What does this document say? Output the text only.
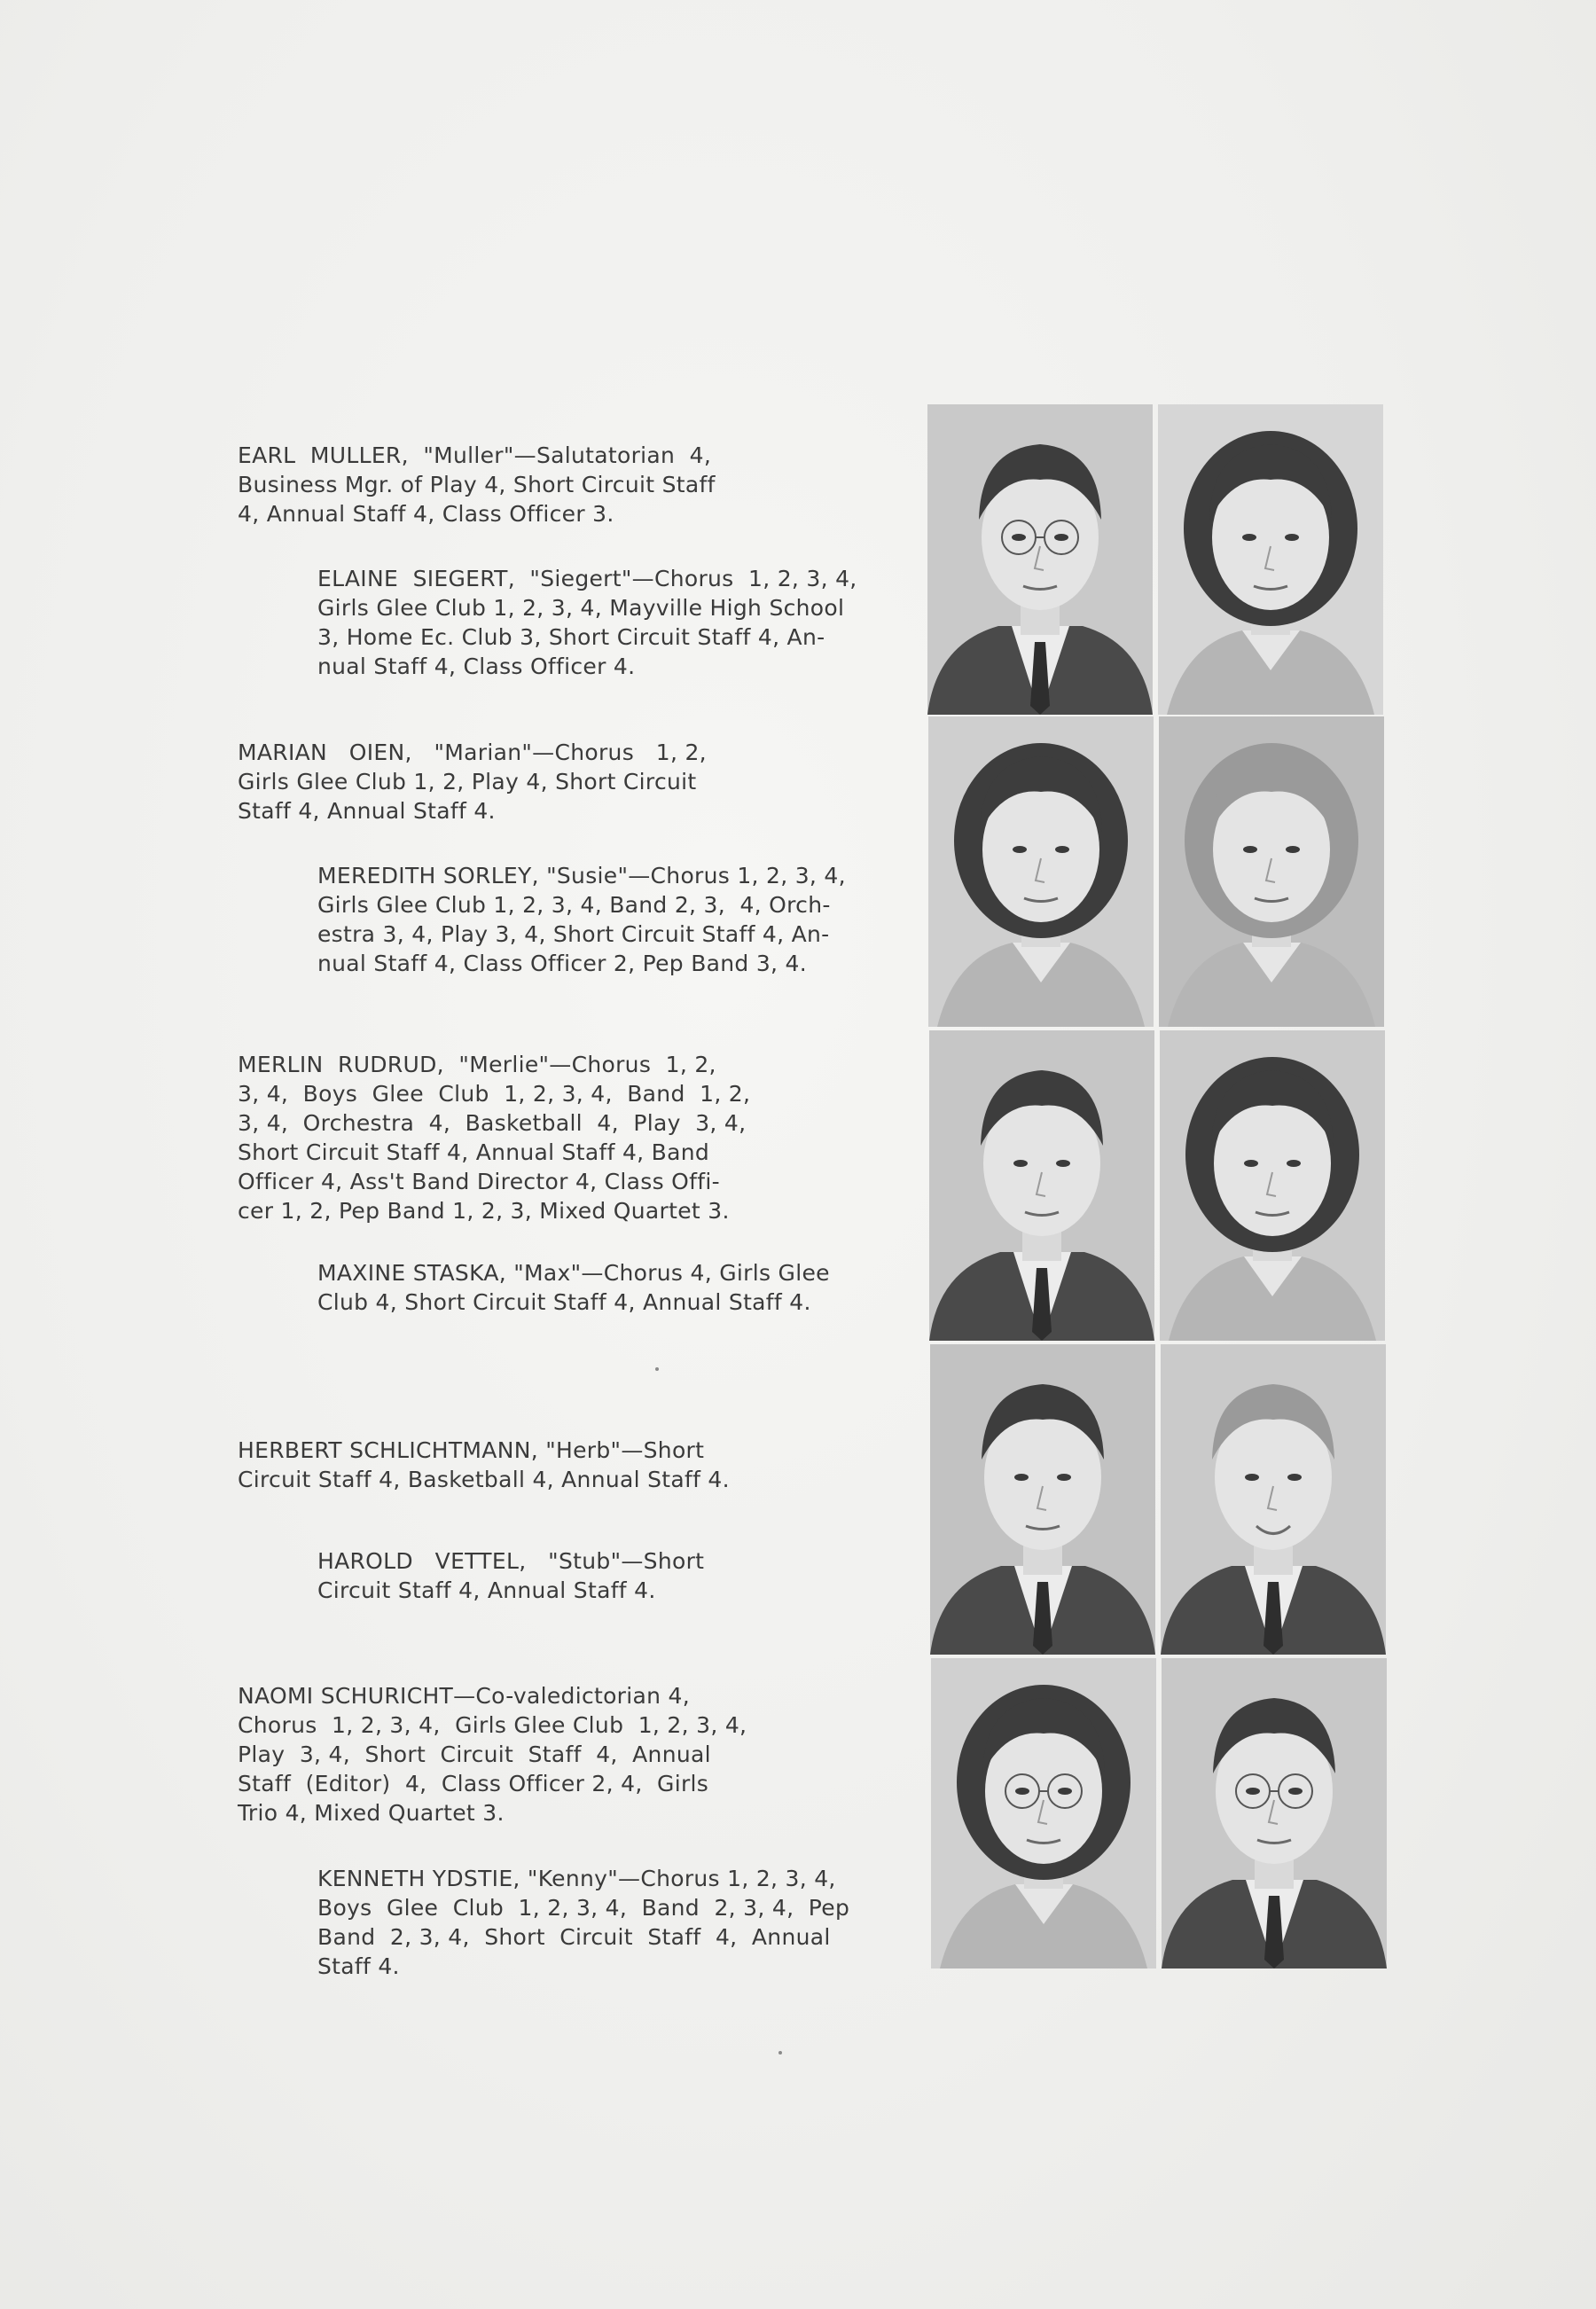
EARL  MULLER,  "Muller"—Salutatorian  4,
Business Mgr. of Play 4, Short Circuit Staff
4, Annual Staff 4, Class Officer 3.
ELAINE  SIEGERT,  "Siegert"—Chorus  1, 2, 3, 4,
Girls Glee Club 1, 2, 3, 4, Mayville High School
3, Home Ec. Club 3, Short Circuit Staff 4, An-
nual Staff 4, Class Officer 4.
MARIAN   OIEN,   "Marian"—Chorus   1, 2,
Girls Glee Club 1, 2, Play 4, Short Circuit
Staff 4, Annual Staff 4.
MEREDITH SORLEY, "Susie"—Chorus 1, 2, 3, 4,
Girls Glee Club 1, 2, 3, 4, Band 2, 3,  4, Orch-
estra 3, 4, Play 3, 4, Short Circuit Staff 4, An-
nual Staff 4, Class Officer 2, Pep Band 3, 4.
MERLIN  RUDRUD,  "Merlie"—Chorus  1, 2,
3, 4,  Boys  Glee  Club  1, 2, 3, 4,  Band  1, 2,
3, 4,  Orchestra  4,  Basketball  4,  Play  3, 4,
Short Circuit Staff 4, Annual Staff 4, Band
Officer 4, Ass't Band Director 4, Class Offi-
cer 1, 2, Pep Band 1, 2, 3, Mixed Quartet 3.
MAXINE STASKA, "Max"—Chorus 4, Girls Glee
Club 4, Short Circuit Staff 4, Annual Staff 4.
HERBERT SCHLICHTMANN, "Herb"—Short
Circuit Staff 4, Basketball 4, Annual Staff 4.
HAROLD   VETTEL,   "Stub"—Short
Circuit Staff 4, Annual Staff 4.
NAOMI SCHURICHT—Co-valedictorian 4,
Chorus  1, 2, 3, 4,  Girls Glee Club  1, 2, 3, 4,
Play  3, 4,  Short  Circuit  Staff  4,  Annual
Staff  (Editor)  4,  Class Officer 2, 4,  Girls
Trio 4, Mixed Quartet 3.
KENNETH YDSTIE, "Kenny"—Chorus 1, 2, 3, 4,
Boys  Glee  Club  1, 2, 3, 4,  Band  2, 3, 4,  Pep
Band  2, 3, 4,  Short  Circuit  Staff  4,  Annual
Staff 4.
